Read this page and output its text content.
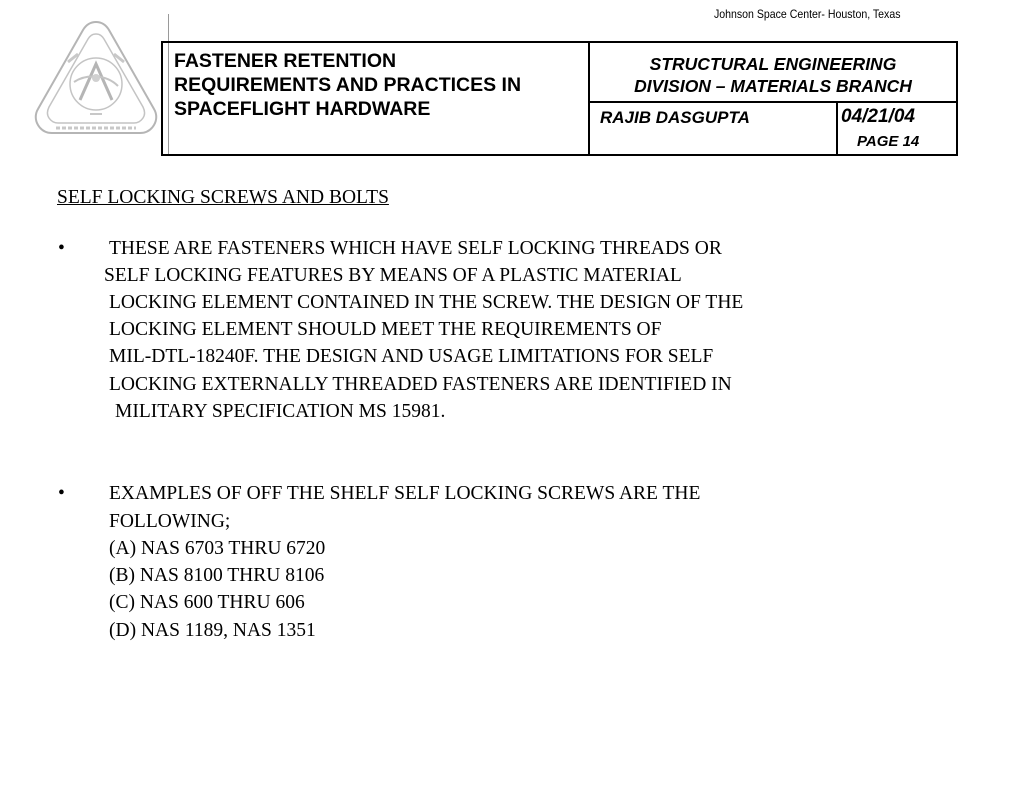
Johnson Space Center- Houston, Texas
FASTENER RETENTION
REQUIREMENTS AND PRACTICES IN
SPACEFLIGHT HARDWARE
STRUCTURAL ENGINEERING
DIVISION – MATERIALS BRANCH
RAJIB DASGUPTA	04/21/04
PAGE 14
SELF LOCKING SCREWS AND BOLTS
• THESE ARE FASTENERS WHICH HAVE SELF LOCKING THREADS OR
SELF LOCKING FEATURES BY MEANS OF A PLASTIC MATERIAL
LOCKING ELEMENT CONTAINED IN THE SCREW. THE DESIGN OF THE
LOCKING ELEMENT SHOULD MEET THE REQUIREMENTS OF
MIL-DTL-18240F. THE DESIGN AND USAGE LIMITATIONS FOR SELF
LOCKING EXTERNALLY THREADED FASTENERS ARE IDENTIFIED IN
MILITARY SPECIFICATION MS 15981.
• EXAMPLES OF OFF THE SHELF SELF LOCKING SCREWS ARE THE
FOLLOWING;
(A) NAS 6703 THRU 6720
(B) NAS 8100 THRU 8106
(C) NAS 600 THRU 606
(D) NAS 1189, NAS 1351
